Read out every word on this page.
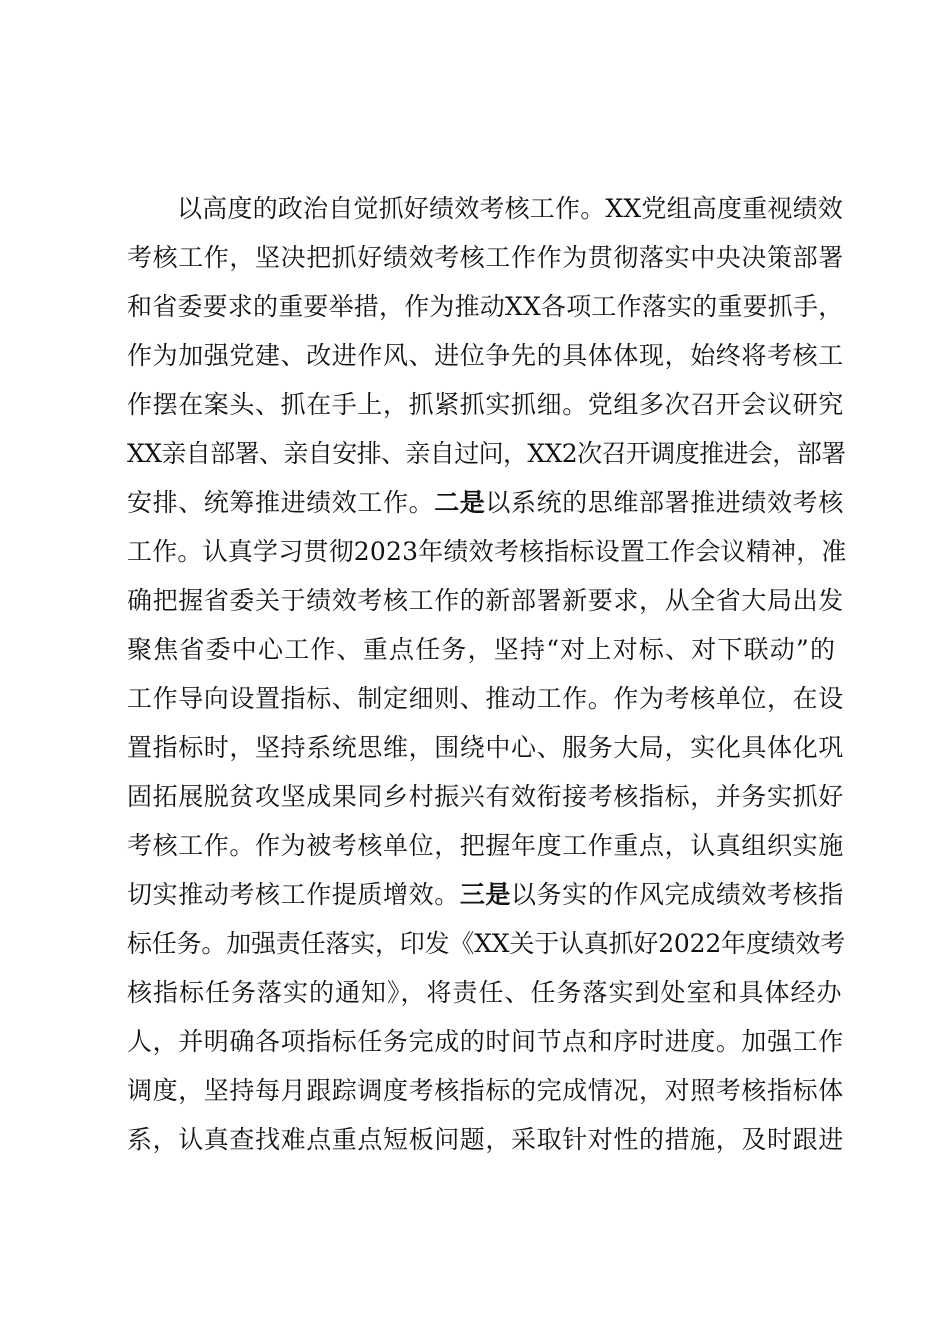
以高度的政治自觉抓好绩效考核工作。XX党组高度重视绩效
考核工作，坚决把抓好绩效考核工作作为贯彻落实中央决策部署
和省委要求的重要举措，作为推动XX各项工作落实的重要抓手，
作为加强党建、改进作风、进位争先的具体体现，始终将考核工
作摆在案头、抓在手上，抓紧抓实抓细。党组多次召开会议研究
XX亲自部署、亲自安排、亲自过问，XX2次召开调度推进会，部署
安排、统筹推进绩效工作。二是以系统的思维部署推进绩效考核
工作。认真学习贯彻2023年绩效考核指标设置工作会议精神，准
确把握省委关于绩效考核工作的新部署新要求，从全省大局出发
聚焦省委中心工作、重点任务，坚持“对上对标、对下联动”的
工作导向设置指标、制定细则、推动工作。作为考核单位，在设
置指标时，坚持系统思维，围绕中心、服务大局，实化具体化巩
固拓展脱贫攻坚成果同乡村振兴有效衔接考核指标，并务实抓好
考核工作。作为被考核单位，把握年度工作重点，认真组织实施
切实推动考核工作提质增效。三是以务实的作风完成绩效考核指
标任务。加强责任落实，印发《XX关于认真抓好2022年度绩效考
核指标任务落实的通知》，将责任、任务落实到处室和具体经办
人，并明确各项指标任务完成的时间节点和序时进度。加强工作
调度，坚持每月跟踪调度考核指标的完成情况，对照考核指标体
系，认真查找难点重点短板问题，采取针对性的措施，及时跟进
